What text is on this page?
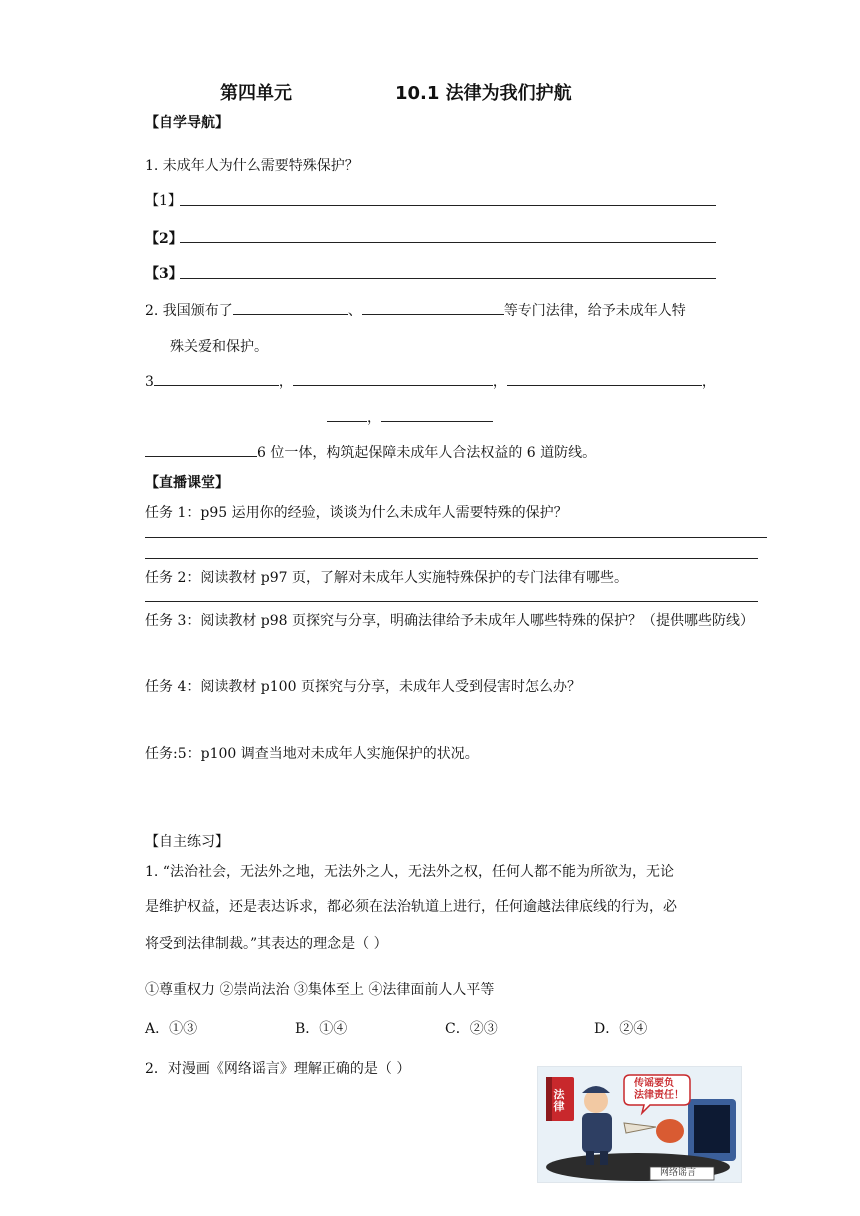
第四单元	10.1 法律为我们护航
【自学导航】
1. 未成年人为什么需要特殊保护？
【1】
【2】
【3】
2. 我国颁布了	、	等专门法律，给予未成年人特
殊关爱和保护。
3	，	，	，
，
6 位一体，构筑起保障未成年人合法权益的 6 道防线。
【直播课堂】
任务 1：p95 运用你的经验，谈谈为什么未成年人需要特殊的保护？
任务 2：阅读教材 p97 页，了解对未成年人实施特殊保护的专门法律有哪些。
任务 3：阅读教材 p98 页探究与分享，明确法律给予未成年人哪些特殊的保护？（提供哪些防线）
任务 4：阅读教材 p100 页探究与分享，未成年人受到侵害时怎么办？
任务:5：p100 调查当地对未成年人实施保护的状况。
【自主练习】
1. “法治社会，无法外之地，无法外之人，无法外之权，任何人都不能为所欲为，无论
是维护权益，还是表达诉求，都必须在法治轨道上进行，任何逾越法律底线的行为，必
将受到法律制裁。”其表达的理念是（ ）
①尊重权力 ②崇尚法治 ③集体至上 ④法律面前人人平等
A．①③	B．①④	C．②③	D．②④
2．对漫画《网络谣言》理解正确的是（ ）
法律
传谣要负
法律责任！
网络谣言
